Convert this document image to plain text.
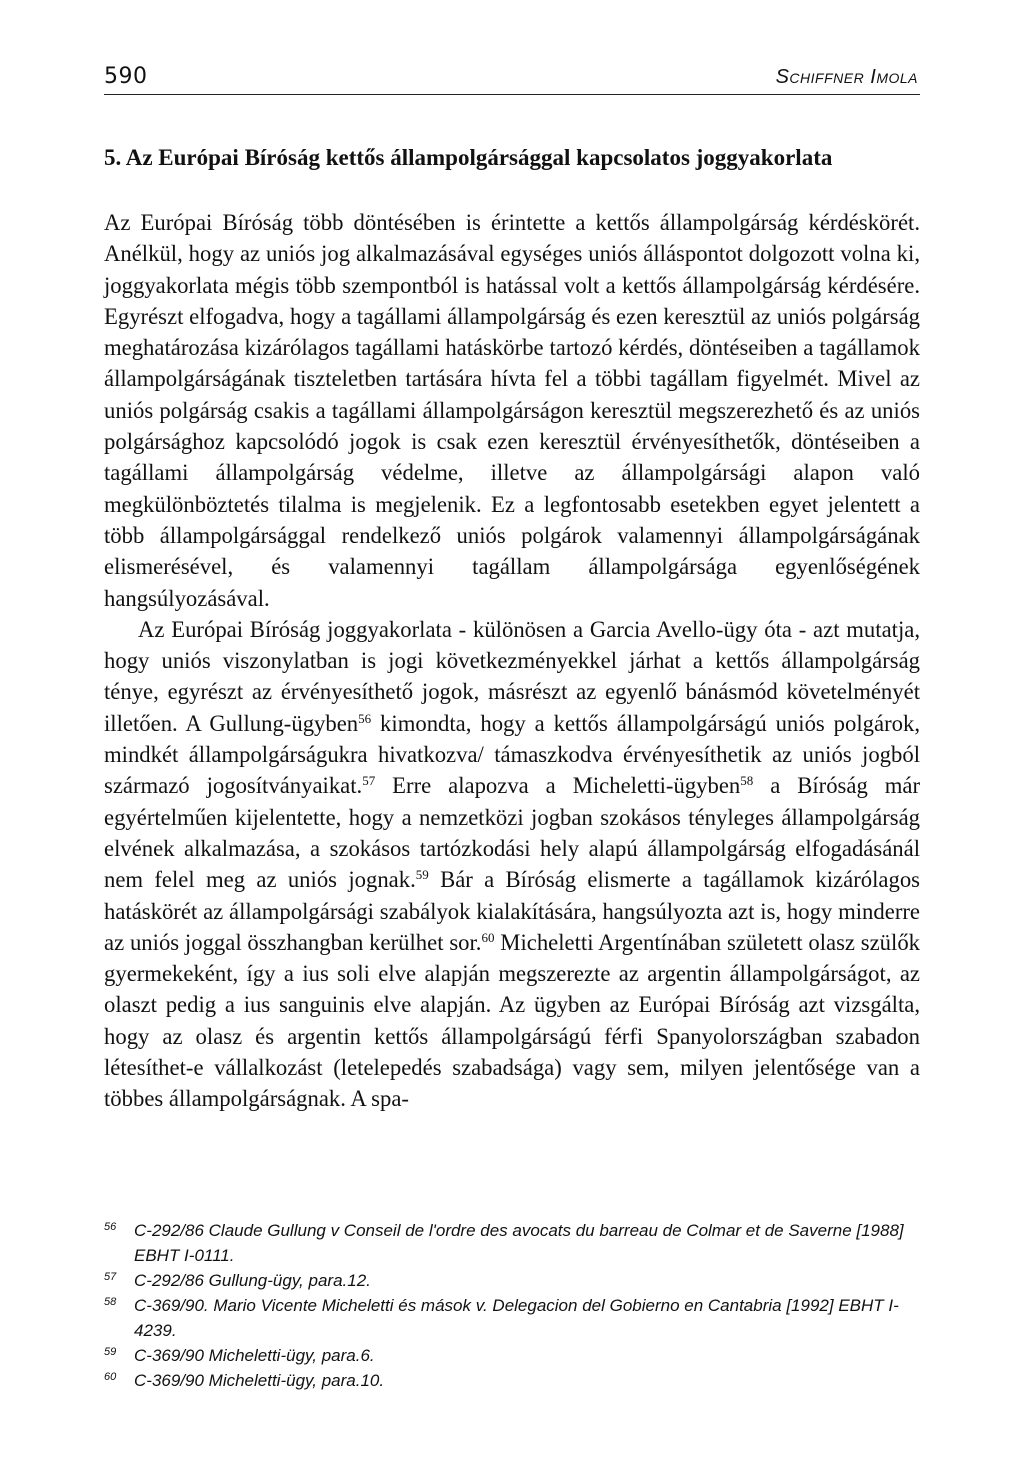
590	Schiffner Imola
5. Az Európai Bíróság kettős állampolgársággal kapcsolatos joggyakorlata

Az Európai Bíróság több döntésében is érintette a kettős állampolgárság kérdéskörét. Anélkül, hogy az uniós jog alkalmazásával egységes uniós álláspontot dolgozott volna ki, joggyakorlata mégis több szempontból is hatással volt a kettős állampolgárság kérdésére. Egyrészt elfogadva, hogy a tagállami állampolgárság és ezen keresztül az uniós polgárság meghatározása kizárólagos tagállami hatáskörbe tartozó kérdés, döntéseiben a tagállamok állampolgárságának tiszteletben tartására hívta fel a többi tagállam figyelmét. Mivel az uniós polgárság csakis a tagállami állampolgárságon keresztül megszerezhető és az uniós polgársághoz kapcsolódó jogok is csak ezen keresztül érvényesíthetők, döntéseiben a tagállami állampolgárság védelme, illetve az állampolgársági alapon való megkülönböztetés tilalma is megjelenik. Ez a legfontosabb esetekben egyet jelentett a több állampolgársággal rendelkező uniós polgárok valamennyi állampolgárságának elismerésével, és valamennyi tagállam állampolgársága egyenlőségének hangsúlyozásával.

Az Európai Bíróság joggyakorlata - különösen a Garcia Avello-ügy óta - azt mutatja, hogy uniós viszonylatban is jogi következményekkel járhat a kettős állampolgárság ténye, egyrészt az érvényesíthető jogok, másrészt az egyenlő bánásmód követelményét illetően. A Gullung-ügyben$^{56}$ kimondta, hogy a kettős állampolgárságú uniós polgárok, mindkét állampolgárságukra hivatkozva/ támaszkodva érvényesíthetik az uniós jogból származó jogosítványaikat.$^{57}$ Erre alapozva a Micheletti-ügyben$^{58}$ a Bíróság már egyértelműen kijelentette, hogy a nemzetközi jogban szokásos tényleges állampolgárság elvének alkalmazása, a szokásos tartózkodási hely alapú állampolgárság elfogadásánál nem felel meg az uniós jognak.$^{59}$ Bár a Bíróság elismerte a tagállamok kizárólagos hatáskörét az állampolgársági szabályok kialakítására, hangsúlyozta azt is, hogy minderre az uniós joggal összhangban kerülhet sor.$^{60}$ Micheletti Argentínában született olasz szülők gyermekeként, így a ius soli elve alapján megszerezte az argentin állampolgárságot, az olaszt pedig a ius sanguinis elve alapján. Az ügyben az Európai Bíróság azt vizsgálta, hogy az olasz és argentin kettős állampolgárságú férfi Spanyolországban szabadon létesíthet-e vállalkozást (letelepedés szabadsága) vagy sem, milyen jelentősége van a többes állampolgárságnak. A spa-

56 C-292/86 Claude Gullung v Conseil de l'ordre des avocats du barreau de Colmar et de Saverne [1988] EBHT I-0111.
57 C-292/86 Gullung-ügy, para.12.
58 C-369/90. Mario Vicente Micheletti és mások v. Delegacion del Gobierno en Cantabria [1992] EBHT I-4239.
59 C-369/90 Micheletti-ügy, para.6.
60 C-369/90 Micheletti-ügy, para.10.
